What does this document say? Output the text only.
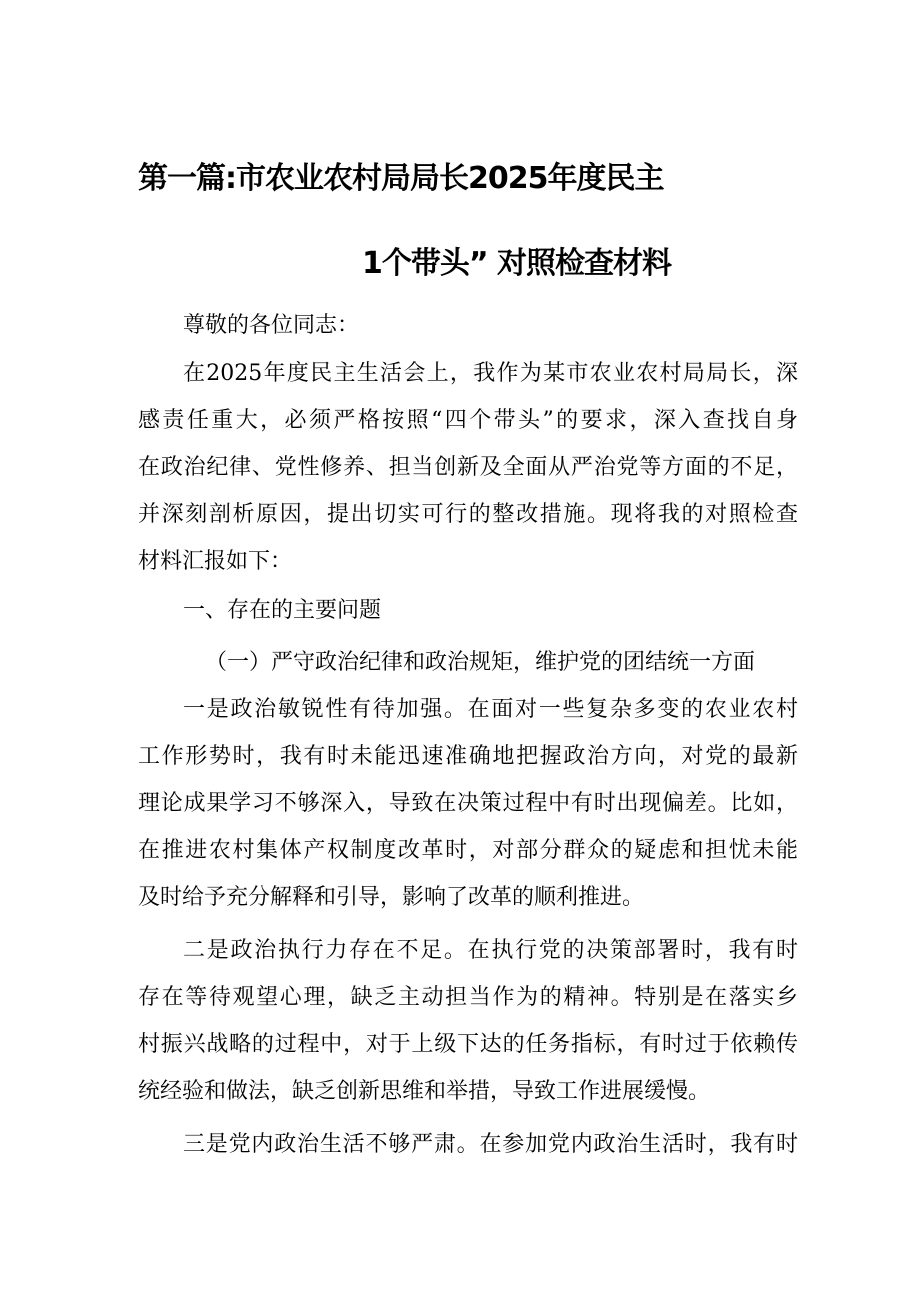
第一篇:市农业农村局局长2025年度民主
1个带头” 对照检查材料
尊敬的各位同志：
在2025年度民主生活会上，我作为某市农业农村局局长，深
感责任重大，必须严格按照“四个带头”的要求，深入查找自身
在政治纪律、党性修养、担当创新及全面从严治党等方面的不足，
并深刻剖析原因，提出切实可行的整改措施。现将我的对照检查
材料汇报如下：
一、存在的主要问题
（一）严守政治纪律和政治规矩，维护党的团结统一方面
一是政治敏锐性有待加强。在面对一些复杂多变的农业农村
工作形势时，我有时未能迅速准确地把握政治方向，对党的最新
理论成果学习不够深入，导致在决策过程中有时出现偏差。比如，
在推进农村集体产权制度改革时，对部分群众的疑虑和担忧未能
及时给予充分解释和引导，影响了改革的顺利推进。
二是政治执行力存在不足。在执行党的决策部署时，我有时
存在等待观望心理，缺乏主动担当作为的精神。特别是在落实乡
村振兴战略的过程中，对于上级下达的任务指标，有时过于依赖传
统经验和做法，缺乏创新思维和举措，导致工作进展缓慢。
三是党内政治生活不够严肃。在参加党内政治生活时，我有时
